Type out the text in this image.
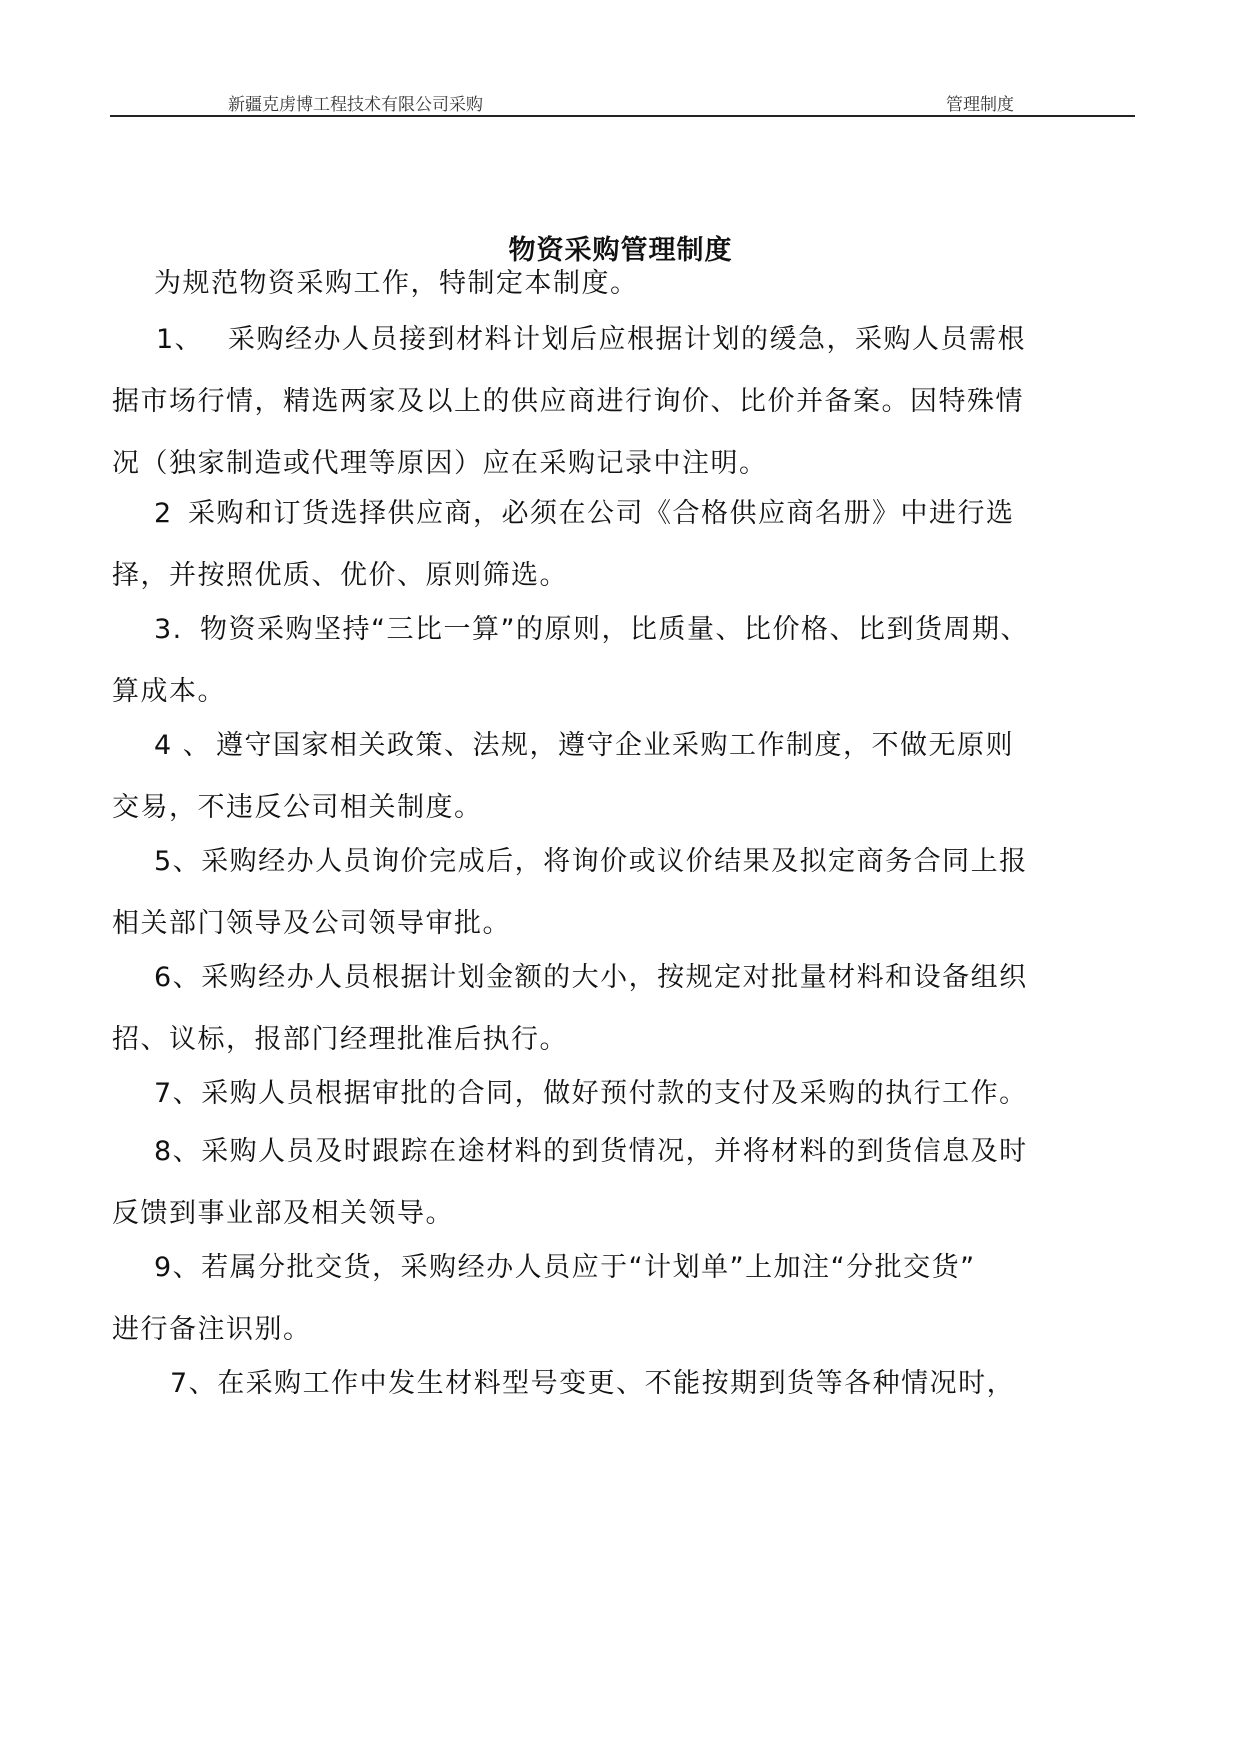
新疆克虏博工程技术有限公司采购	管理制度
物资采购管理制度

为规范物资采购工作，特制定本制度。

1、 采购经办人员接到材料计划后应根据计划的缓急，采购人员需根
据市场行情，精选两家及以上的供应商进行询价、比价并备案。因特殊情
况（独家制造或代理等原因）应在采购记录中注明。

2 采购和订货选择供应商，必须在公司《合格供应商名册》中进行选
择，并按照优质、优价、原则筛选。

3. 物资采购坚持“三比一算”的原则，比质量、比价格、比到货周期、
算成本。

4 、 遵守国家相关政策、法规，遵守企业采购工作制度，不做无原则
交易，不违反公司相关制度。

5、采购经办人员询价完成后，将询价或议价结果及拟定商务合同上报
相关部门领导及公司领导审批。

6、采购经办人员根据计划金额的大小，按规定对批量材料和设备组织
招、议标，报部门经理批准后执行。

7、采购人员根据审批的合同，做好预付款的支付及采购的执行工作。

8、采购人员及时跟踪在途材料的到货情况，并将材料的到货信息及时
反馈到事业部及相关领导。

9、若属分批交货，采购经办人员应于“计划单”上加注“分批交货”
进行备注识别。

7、在采购工作中发生材料型号变更、不能按期到货等各种情况时，
